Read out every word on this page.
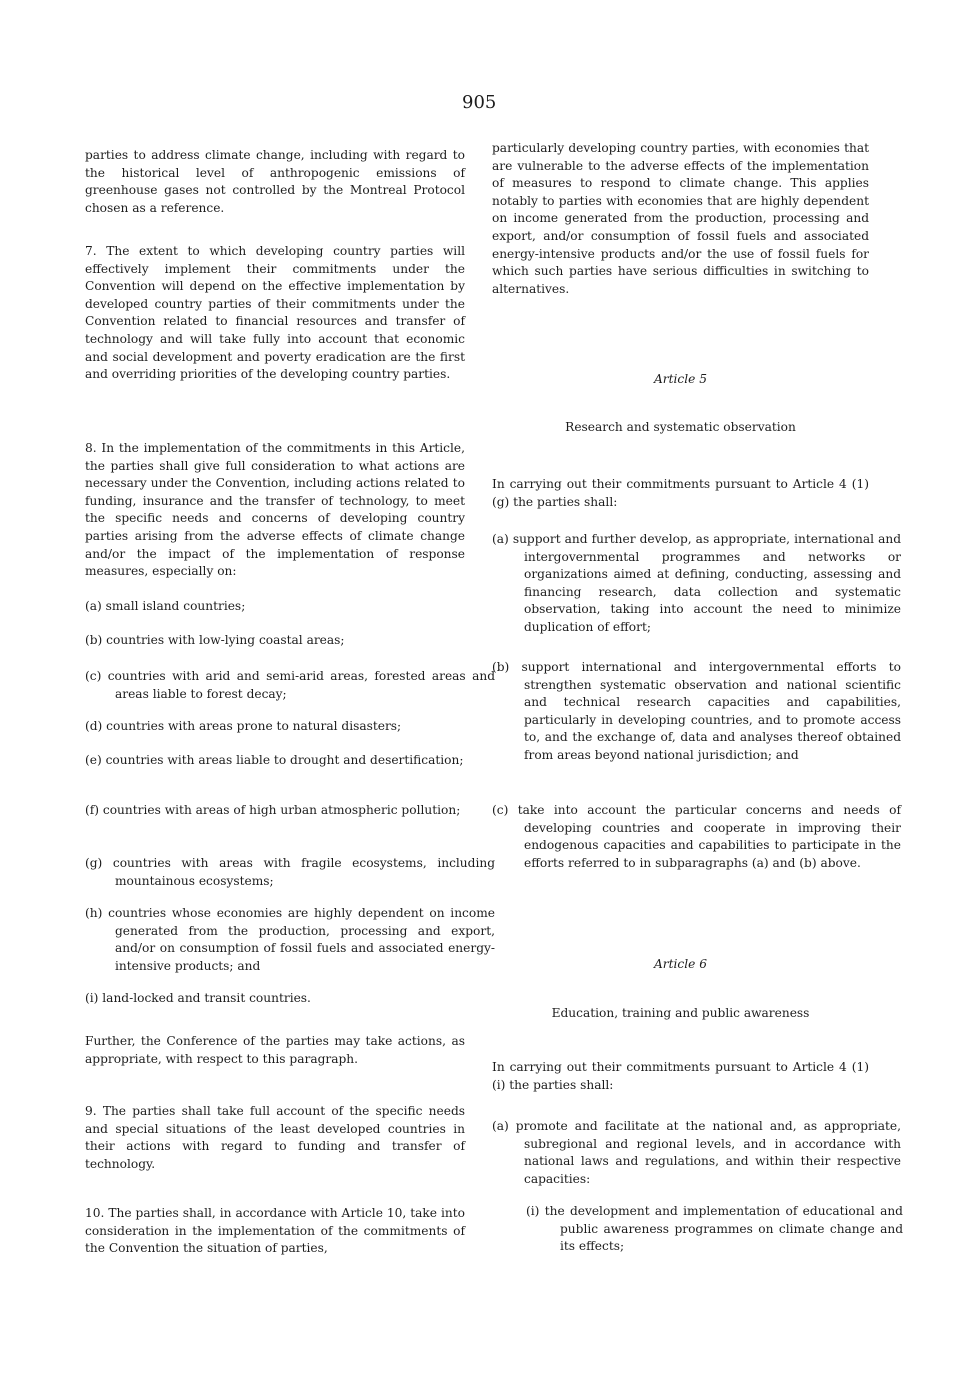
905
parties to address climate change, including with regard to the historical level of anthropogenic emissions of greenhouse gases not controlled by the Montreal Protocol chosen as a reference.
7. The extent to which developing country parties will effectively implement their commitments under the Convention will depend on the effective implementation by developed country parties of their commitments under the Convention related to financial resources and transfer of technology and will take fully into account that economic and social development and poverty eradication are the first and overriding priorities of the developing country parties.
8. In the implementation of the commitments in this Article, the parties shall give full consideration to what actions are necessary under the Convention, including actions related to funding, insurance and the transfer of technology, to meet the specific needs and concerns of developing country parties arising from the adverse effects of climate change and/or the impact of the implementation of response measures, especially on:
(a) small island countries;
(b) countries with low-lying coastal areas;
(c) countries with arid and semi-arid areas, forested areas and areas liable to forest decay;
(d) countries with areas prone to natural disasters;
(e) countries with areas liable to drought and desertification;
(f) countries with areas of high urban atmospheric pollution;
(g) countries with areas with fragile ecosystems, including mountainous ecosystems;
(h) countries whose economies are highly dependent on income generated from the production, processing and export, and/or on consumption of fossil fuels and associated energy-intensive products; and
(i) land-locked and transit countries.
Further, the Conference of the parties may take actions, as appropriate, with respect to this paragraph.
9. The parties shall take full account of the specific needs and special situations of the least developed countries in their actions with regard to funding and transfer of technology.
10. The parties shall, in accordance with Article 10, take into consideration in the implementation of the commitments of the Convention the situation of parties,
particularly developing country parties, with economies that are vulnerable to the adverse effects of the implementation of measures to respond to climate change. This applies notably to parties with economies that are highly dependent on income generated from the production, processing and export, and/or consumption of fossil fuels and associated energy-intensive products and/or the use of fossil fuels for which such parties have serious difficulties in switching to alternatives.
Article 5
Research and systematic observation
In carrying out their commitments pursuant to Article 4 (1) (g) the parties shall:
(a) support and further develop, as appropriate, international and intergovernmental programmes and networks or organizations aimed at defining, conducting, assessing and financing research, data collection and systematic observation, taking into account the need to minimize duplication of effort;
(b) support international and intergovernmental efforts to strengthen systematic observation and national scientific and technical research capacities and capabilities, particularly in developing countries, and to promote access to, and the exchange of, data and analyses thereof obtained from areas beyond national jurisdiction; and
(c) take into account the particular concerns and needs of developing countries and cooperate in improving their endogenous capacities and capabilities to participate in the efforts referred to in subparagraphs (a) and (b) above.
Article 6
Education, training and public awareness
In carrying out their commitments pursuant to Article 4 (1) (i) the parties shall:
(a) promote and facilitate at the national and, as appropriate, subregional and regional levels, and in accordance with national laws and regulations, and within their respective capacities:
(i) the development and implementation of educational and public awareness programmes on climate change and its effects;
